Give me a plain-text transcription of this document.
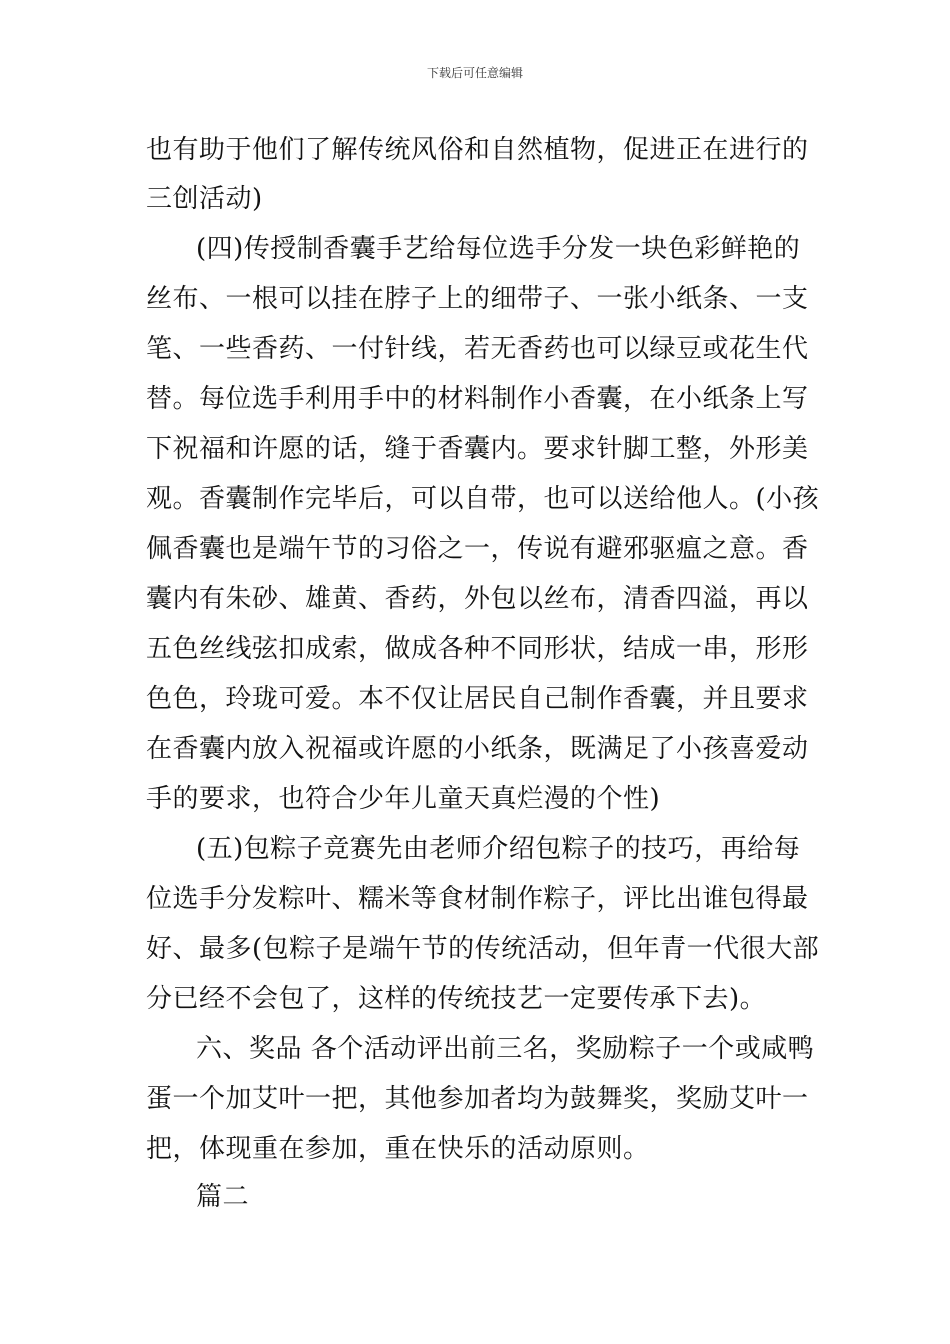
下载后可任意编辑
也有助于他们了解传统风俗和自然植物，促进正在进行的
三创活动)
(四)传授制香囊手艺给每位选手分发一块色彩鲜艳的
丝布、一根可以挂在脖子上的细带子、一张小纸条、一支
笔、一些香药、一付针线，若无香药也可以绿豆或花生代
替。每位选手利用手中的材料制作小香囊，在小纸条上写
下祝福和许愿的话，缝于香囊内。要求针脚工整，外形美
观。香囊制作完毕后，可以自带，也可以送给他人。(小孩
佩香囊也是端午节的习俗之一，传说有避邪驱瘟之意。香
囊内有朱砂、雄黄、香药，外包以丝布，清香四溢，再以
五色丝线弦扣成索，做成各种不同形状，结成一串，形形
色色，玲珑可爱。本不仅让居民自己制作香囊，并且要求
在香囊内放入祝福或许愿的小纸条，既满足了小孩喜爱动
手的要求，也符合少年儿童天真烂漫的个性)
(五)包粽子竞赛先由老师介绍包粽子的技巧，再给每
位选手分发粽叶、糯米等食材制作粽子，评比出谁包得最
好、最多(包粽子是端午节的传统活动，但年青一代很大部
分已经不会包了，这样的传统技艺一定要传承下去)。
六、奖品 各个活动评出前三名，奖励粽子一个或咸鸭
蛋一个加艾叶一把，其他参加者均为鼓舞奖，奖励艾叶一
把，体现重在参加，重在快乐的活动原则。
篇二
